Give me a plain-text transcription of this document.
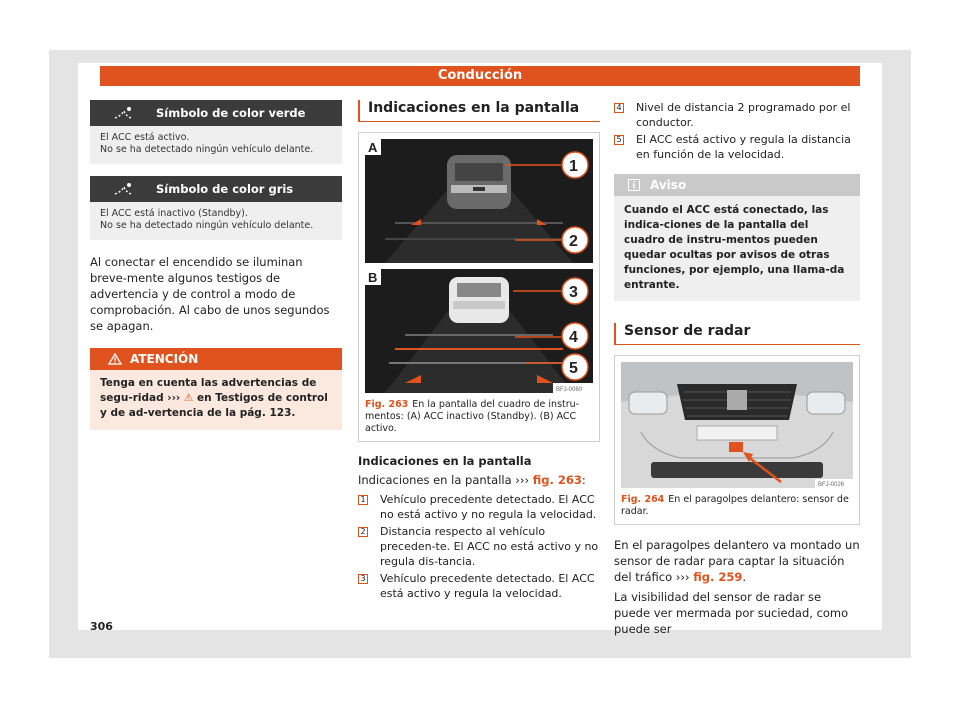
Conducción
Símbolo de color verde
El ACC está activo.
No se ha detectado ningún vehículo delante.
Símbolo de color gris
El ACC está inactivo (Standby).
No se ha detectado ningún vehículo delante.

Al conectar el encendido se iluminan breve-mente algunos testigos de advertencia y de control a modo de comprobación. Al cabo de unos segundos se apagan.

ATENCIÓN
Tenga en cuenta las advertencias de segu-ridad ››› ⚠ en Testigos de control y de ad-vertencia de la pág. 123.
Indicaciones en la pantalla
A
1
2
B
3
4
5
BFJ-0060
Fig. 263 En la pantalla del cuadro de instru-mentos: (A) ACC inactivo (Standby). (B) ACC activo.
Indicaciones en la pantalla
Indicaciones en la pantalla ››› fig. 263:
1 Vehículo precedente detectado. El ACC no está activo y no regula la velocidad.
2 Distancia respecto al vehículo preceden-te. El ACC no está activo y no regula dis-tancia.
3 Vehículo precedente detectado. El ACC está activo y regula la velocidad.
4 Nivel de distancia 2 programado por el conductor.
5 El ACC está activo y regula la distancia en función de la velocidad.
Aviso
Cuando el ACC está conectado, las indica-ciones de la pantalla del cuadro de instru-mentos pueden quedar ocultas por avisos de otras funciones, por ejemplo, una llama-da entrante.
Sensor de radar
BFJ-0026
Fig. 264 En el paragolpes delantero: sensor de radar.

En el paragolpes delantero va montado un sensor de radar para captar la situación del tráfico ››› fig. 259.

La visibilidad del sensor de radar se puede ver mermada por suciedad, como puede ser

306
